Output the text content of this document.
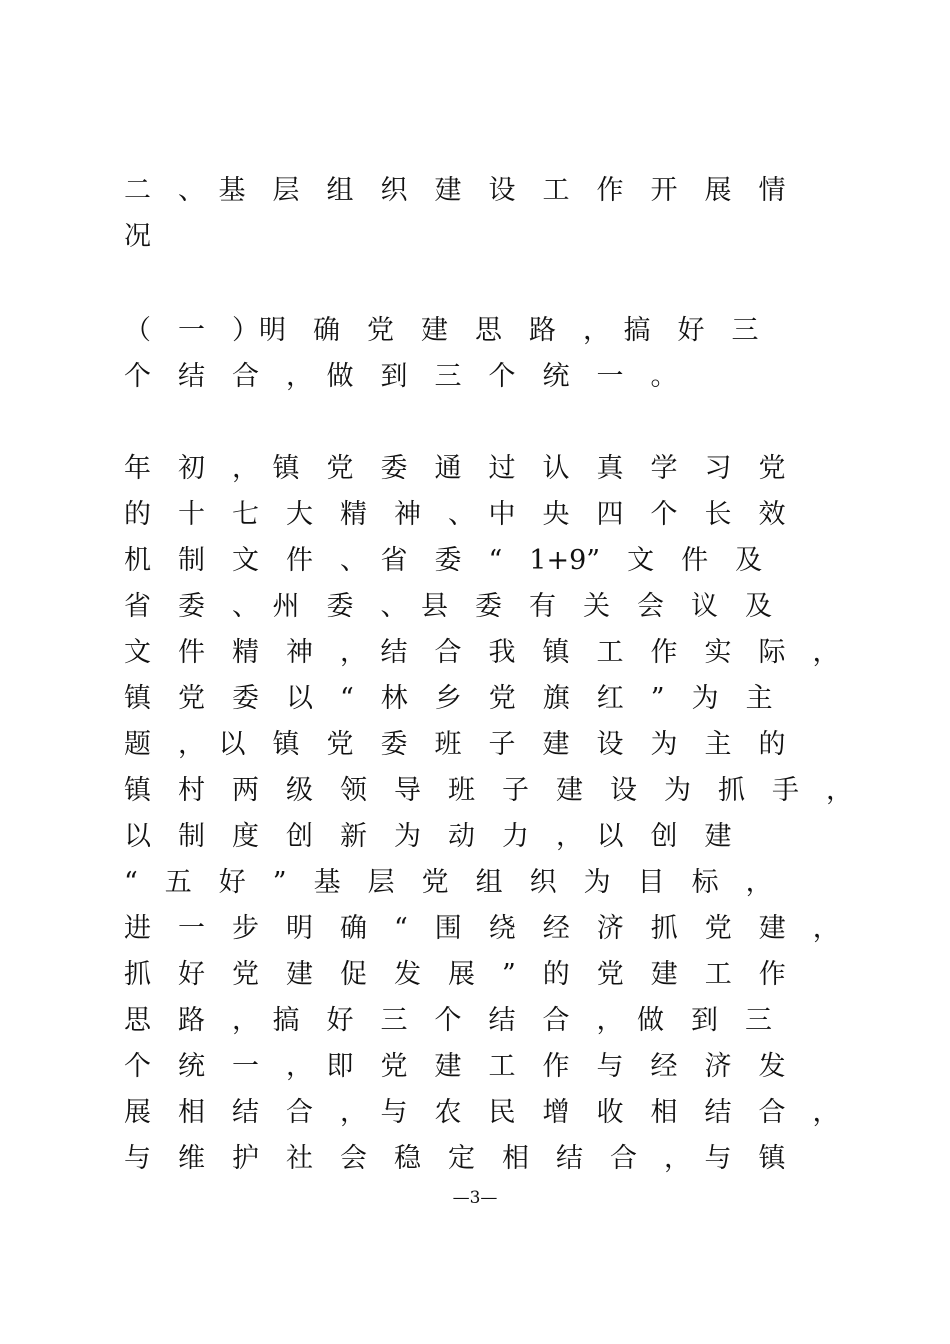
二　、　基　层　组　织　建　设　工　作　开　展　情
况
（　一　）明　确　党　建　思　路　，　搞　好　三
个　结　合　，　做　到　三　个　统　一　。
年　初　，　镇　党　委　通　过　认　真　学　习　党
的　十　七　大　精　神　、　中　央　四　个　长　效
机　制　文　件　、　省　委　“　1+9”　文　件　及
省　委　、　州　委　、　县　委　有　关　会　议　及
文　件　精　神　，　结　合　我　镇　工　作　实　际　，
镇　党　委　以　“　林　乡　党　旗　红　”　为　主
题　，　以　镇　党　委　班　子　建　设　为　主　的
镇　村　两　级　领　导　班　子　建　设　为　抓　手　，
以　制　度　创　新　为　动　力　，　以　创　建
“　五　好　”　基　层　党　组　织　为　目　标　，
进　一　步　明　确　“　围　绕　经　济　抓　党　建　，
抓　好　党　建　促　发　展　”　的　党　建　工　作
思　路　，　搞　好　三　个　结　合　，　做　到　三
个　统　一　，　即　党　建　工　作　与　经　济　发
展　相　结　合　，　与　农　民　增　收　相　结　合　，
与　维　护　社　会　稳　定　相　结　合　，　与　镇
—3—
